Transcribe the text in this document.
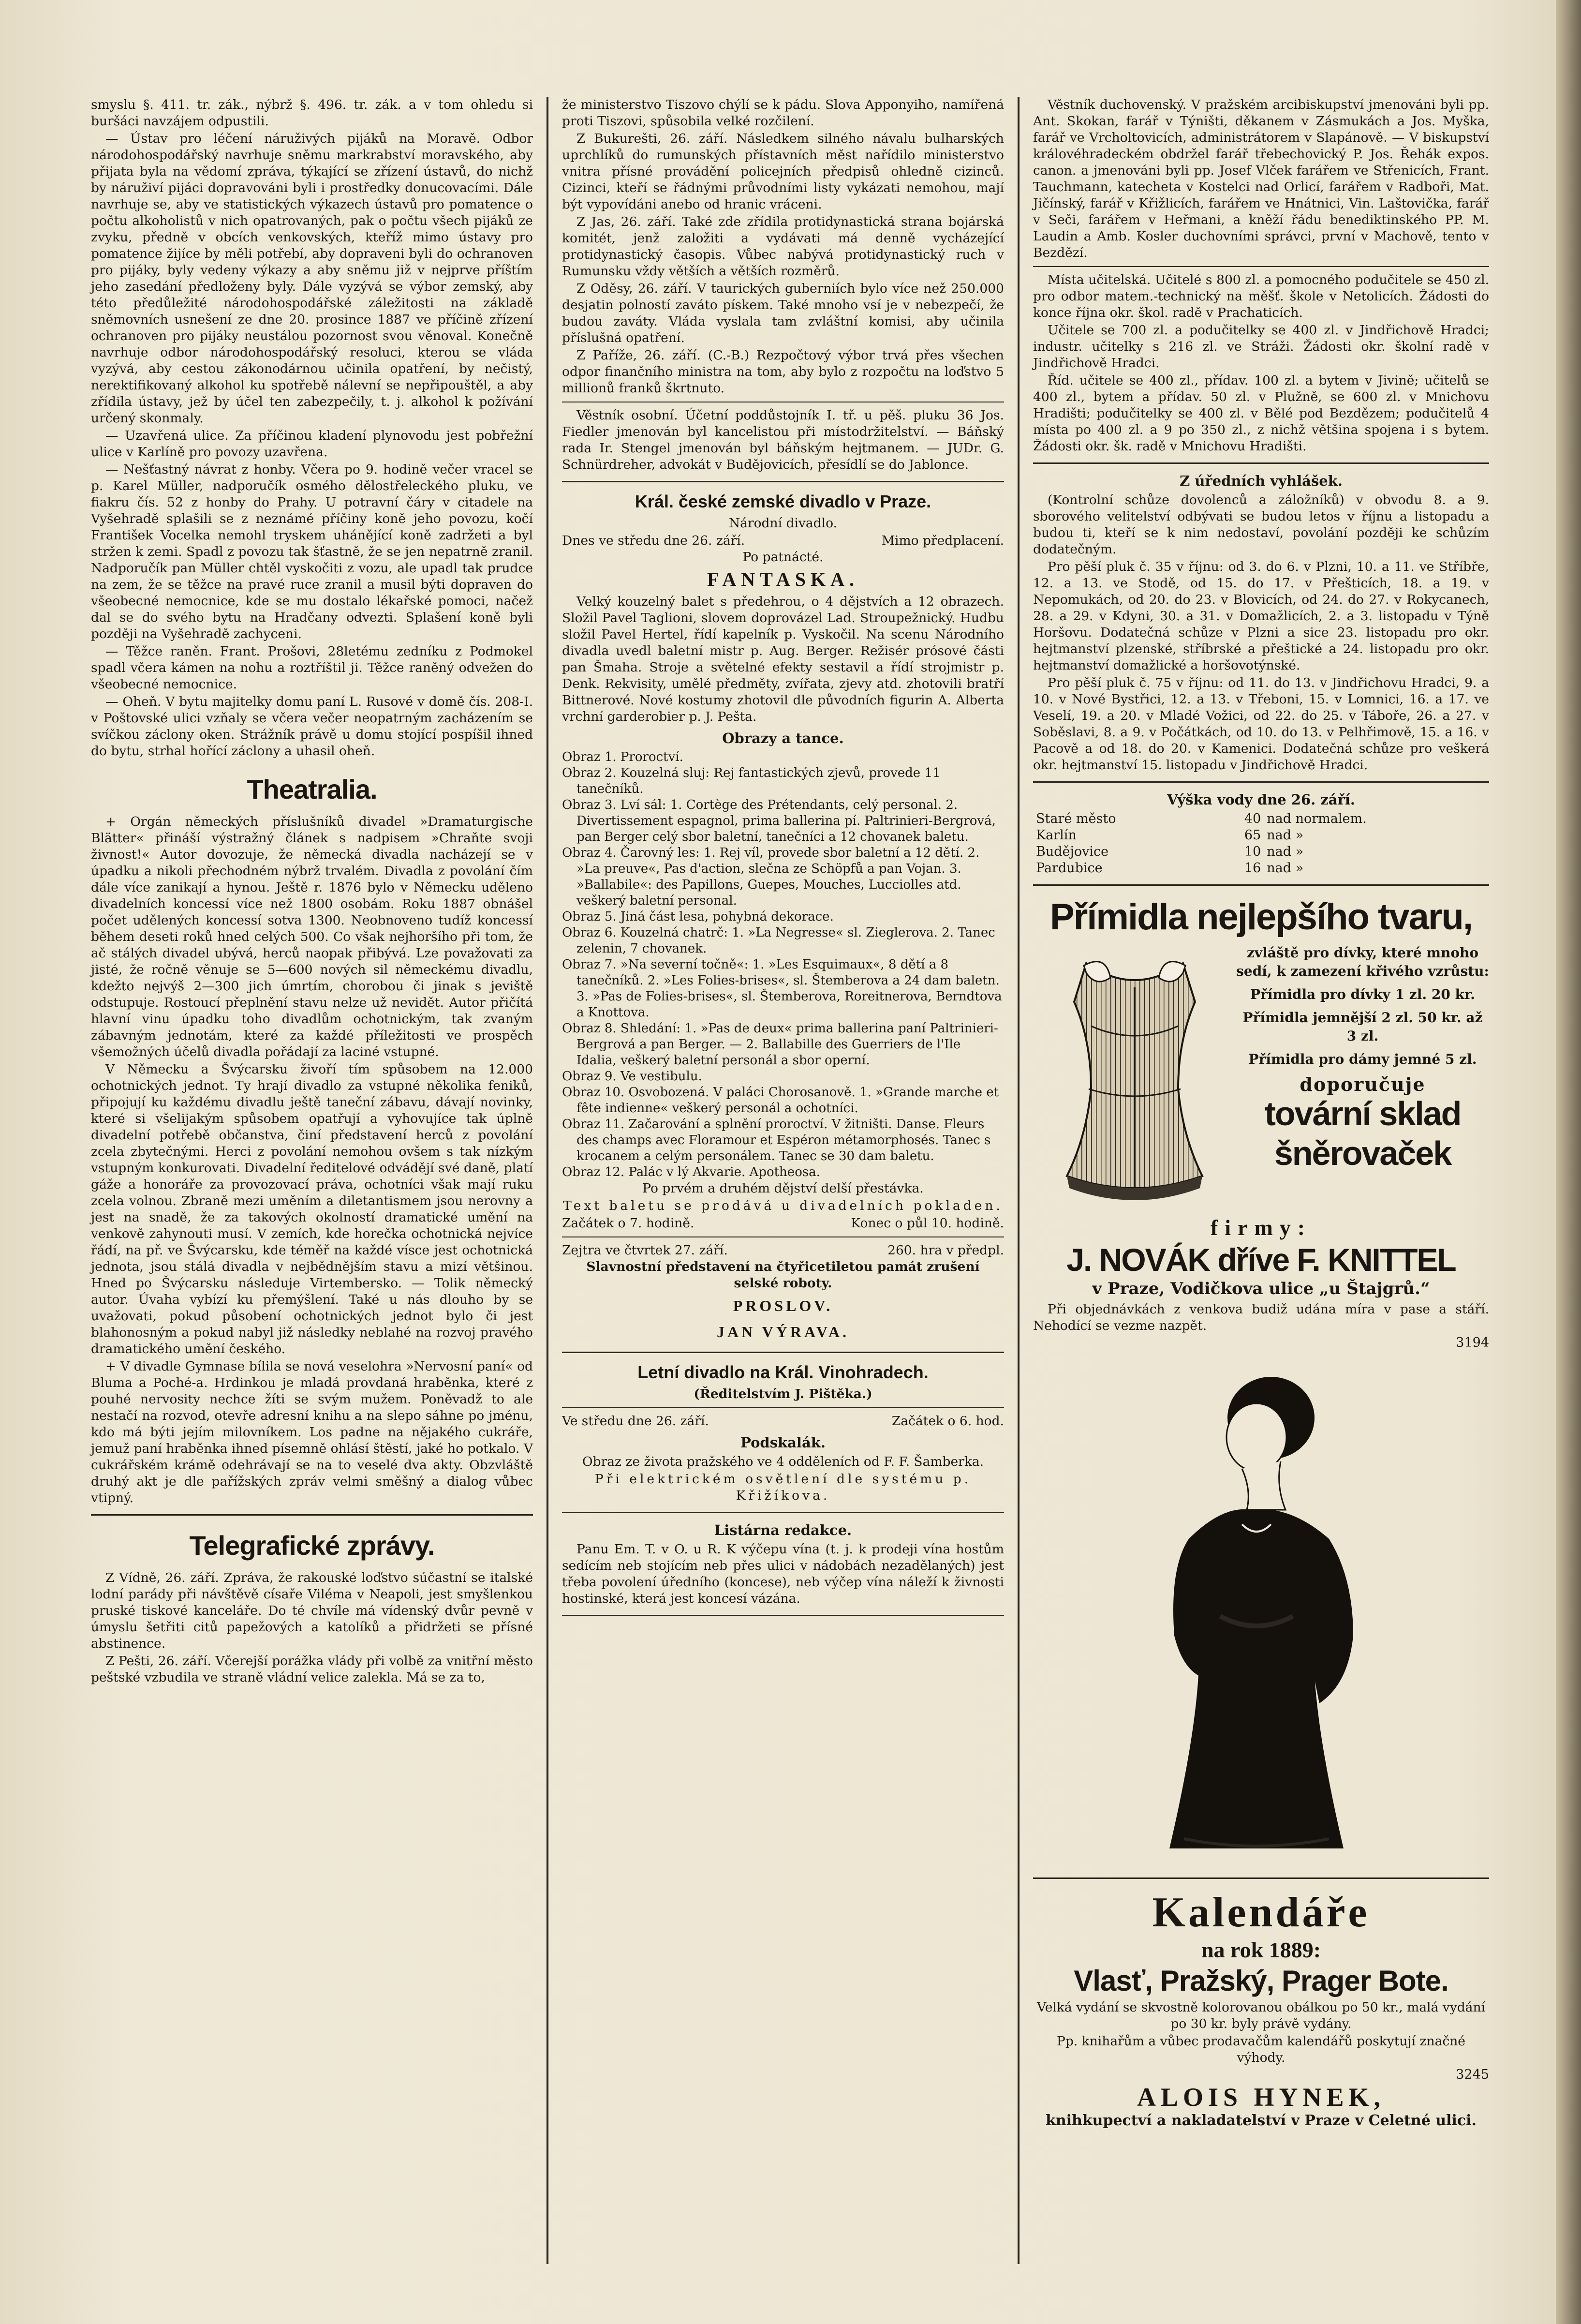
smyslu §. 411. tr. zák., nýbrž §. 496. tr. zák. a v tom ohledu si buršáci navzájem odpustili.

— Ústav pro léčení náruživých pijáků na Moravě. Odbor národohospodářský navrhuje sněmu markrabství moravského, aby přijata byla na vědomí zpráva, týkající se zřízení ústavů, do nichž by náruživí pijáci dopravováni byli i prostředky donucovacími. Dále navrhuje se, aby ve statistických výkazech ústavů pro pomatence o počtu alkoholistů v nich opatrovaných, pak o počtu všech pijáků ze zvyku, předně v obcích venkovských, kteříž mimo ústavy pro pomatence žijíce by měli potřebí, aby dopraveni byli do ochranoven pro pijáky, byly vedeny výkazy a aby sněmu již v nejprve příštím jeho zasedání předloženy byly. Dále vyzývá se výbor zemský, aby této předůležité národohospodářské záležitosti na základě sněmovních usnešení ze dne 20. prosince 1887 ve příčině zřízení ochranoven pro pijáky neustálou pozornost svou věnoval. Konečně navrhuje odbor národohospodářský resoluci, kterou se vláda vyzývá, aby cestou zákonodárnou učinila opatření, by nečistý, nerektifikovaný alkohol ku spotřebě nálevní se nepřipouštěl, a aby zřídila ústavy, jež by účel ten zabezpečily, t. j. alkohol k požívání určený skonmaly.

— Uzavřená ulice. Za příčinou kladení plynovodu jest pobřežní ulice v Karlíně pro povozy uzavřena.

— Nešťastný návrat z honby. Včera po 9. hodině večer vracel se p. Karel Müller, nadporučík osmého dělostřeleckého pluku, ve fiakru čís. 52 z honby do Prahy. U potravní čáry v citadele na Vyšehradě splašili se z neznámé příčiny koně jeho povozu, kočí František Vocelka nemohl tryskem uhánějící koně zadržeti a byl stržen k zemi. Spadl z povozu tak šťastně, že se jen nepatrně zranil. Nadporučík pan Müller chtěl vyskočiti z vozu, ale upadl tak prudce na zem, že se těžce na pravé ruce zranil a musil býti dopraven do všeobecné nemocnice, kde se mu dostalo lékařské pomoci, načež dal se do svého bytu na Hradčany odvezti. Splašení koně byli později na Vyšehradě zachyceni.

— Těžce raněn. Frant. Prošovi, 28letému zedníku z Podmokel spadl včera kámen na nohu a roztříštil ji. Těžce raněný odvežen do všeobecné nemocnice.

— Oheň. V bytu majitelky domu paní L. Rusové v domě čís. 208-I. v Poštovské ulici vzňaly se včera večer neopatrným zacházením se svíčkou záclony oken. Strážník právě u domu stojící pospíšil ihned do bytu, strhal hořící záclony a uhasil oheň.

Theatralia.

+ Orgán německých příslušníků divadel »Dramaturgische Blätter« přináší výstražný článek s nadpisem »Chraňte svoji živnost!« Autor dovozuje, že německá divadla nacházejí se v úpadku a nikoli přechodném nýbrž trvalém. Divadla z povolání čím dále více zanikají a hynou. Ještě r. 1876 bylo v Německu uděleno divadelních koncessí více než 1800 osobám. Roku 1887 obnášel počet udělených koncessí sotva 1300. Neobnoveno tudíž koncessí během deseti roků hned celých 500. Co však nejhoršího při tom, že ač stálých divadel ubývá, herců naopak přibývá. Lze považovati za jisté, že ročně věnuje se 5—600 nových sil německému divadlu, kdežto nejvýš 2—300 jich úmrtím, chorobou či jinak s jeviště odstupuje. Rostoucí přeplnění stavu nelze už nevidět. Autor přičítá hlavní vinu úpadku toho divadlům ochotnickým, tak zvaným zábavným jednotám, které za každé příležitosti ve prospěch všemožných účelů divadla pořádají za laciné vstupné.

V Německu a Švýcarsku živoří tím spůsobem na 12.000 ochotnických jednot. Ty hrají divadlo za vstupné několika feniků, připojují ku každému divadlu ještě taneční zábavu, dávají novinky, které si všelijakým spůsobem opatřují a vyhovujíce tak úplně divadelní potřebě občanstva, činí představení herců z povolání zcela zbytečnými. Herci z povolání nemohou ovšem s tak nízkým vstupným konkurovati. Divadelní ředitelové odvádějí své daně, platí gáže a honoráře za provozovací práva, ochotníci však mají ruku zcela volnou. Zbraně mezi uměním a diletantismem jsou nerovny a jest na snadě, že za takových okolností dramatické umění na venkově zahynouti musí. V zemích, kde horečka ochotnická nejvíce řádí, na př. ve Švýcarsku, kde téměř na každé vísce jest ochotnická jednota, jsou stálá divadla v nejbědnějším stavu a mizí většinou. Hned po Švýcarsku následuje Virtembersko. — Tolik německý autor. Úvaha vybízí ku přemýšlení. Také u nás dlouho by se uvažovati, pokud působení ochotnických jednot bylo či jest blahonosným a pokud nabyl již následky neblahé na rozvoj pravého dramatického umění českého.

+ V divadle Gymnase bílila se nová veselohra »Nervosní paní« od Bluma a Poché-a. Hrdinkou je mladá provdaná hraběnka, které z pouhé nervosity nechce žíti se svým mužem. Poněvadž to ale nestačí na rozvod, otevře adresní knihu a na slepo sáhne po jménu, kdo má býti jejím milovníkem. Los padne na nějakého cukráře, jemuž paní hraběnka ihned písemně ohlásí štěstí, jaké ho potkalo. V cukrářském krámě odehrávají se na to veselé dva akty. Obzvláště druhý akt je dle pařížských zpráv velmi směšný a dialog vůbec vtipný.

Telegrafické zprávy.

Z Vídně, 26. září. Zpráva, že rakouské loďstvo súčastní se italské lodní parády při návštěvě císaře Viléma v Neapoli, jest smyšlenkou pruské tiskové kanceláře. Do té chvíle má vídenský dvůr pevně v úmyslu šetřiti citů papežových a katolíků a přidržeti se přísné abstinence.

Z Pešti, 26. září. Včerejší porážka vlády při volbě za vnitřní město peštské vzbudila ve straně vládní velice zalekla. Má se za to,

že ministerstvo Tiszovo chýlí se k pádu. Slova Apponyiho, namířená proti Tiszovi, spůsobila velké rozčilení.

Z Bukurešti, 26. září. Následkem silného návalu bulharských uprchlíků do rumunských přístavních měst nařídilo ministerstvo vnitra přísné provádění policejních předpisů ohledně cizinců. Cizinci, kteří se řádnými průvodními listy vykázati nemohou, mají být vypovídáni anebo od hranic vráceni.

Z Jas, 26. září. Také zde zřídila protidynastická strana bojárská komitét, jenž založiti a vydávati má denně vycházející protidynastický časopis. Vůbec nabývá protidynastický ruch v Rumunsku vždy větších a větších rozměrů.

Z Oděsy, 26. září. V taurických guberniích bylo více než 250.000 desjatin polností zaváto pískem. Také mnoho vsí je v nebezpečí, že budou zaváty. Vláda vyslala tam zvláštní komisi, aby učinila příslušná opatření.

Z Paříže, 26. září. (C.-B.) Rezpočtový výbor trvá přes všechen odpor finančního ministra na tom, aby bylo z rozpočtu na loďstvo 5 millionů franků škrtnuto.

Věstník osobní. Účetní poddůstojník I. tř. u pěš. pluku 36 Jos. Fiedler jmenován byl kancelistou při místodržitelství. — Báňský rada Ir. Stengel jmenován byl báňským hejtmanem. — JUDr. G. Schnürdreher, advokát v Budějovicích, přesídlí se do Jablonce.

Král. české zemské divadlo v Praze.

Národní divadlo.

Dnes ve středu dne 26. září.	Mimo předplacení.

Po patnácté.

FANTASKA.

Velký kouzelný balet s předehrou, o 4 dějstvích a 12 obrazech. Složil Pavel Taglioni, slovem doprovázel Lad. Stroupežnický. Hudbu složil Pavel Hertel, řídí kapelník p. Vyskočil. Na scenu Národního divadla uvedl baletní mistr p. Aug. Berger. Režisér prósové části pan Šmaha. Stroje a světelné efekty sestavil a řídí strojmistr p. Denk. Rekvisity, umělé předměty, zvířata, zjevy atd. zhotovili bratří Bittnerové. Nové kostumy zhotovil dle původních figurin A. Alberta vrchní garderobier p. J. Pešta.

Obrazy a tance.

Obraz 1. Proroctví.

Obraz 2. Kouzelná sluj: Rej fantastických zjevů, provede 11 tanečníků.

Obraz 3. Lví sál: 1. Cortège des Prétendants, celý personal. 2. Divertissement espagnol, prima ballerina pí. Paltrinieri-Bergrová, pan Berger celý sbor baletní, tanečníci a 12 chovanek baletu.

Obraz 4. Čarovný les: 1. Rej víl, provede sbor baletní a 12 dětí. 2. »La preuve«, Pas d'action, slečna ze Schöpfů a pan Vojan. 3. »Ballabile«: des Papillons, Guepes, Mouches, Lucciolles atd. veškerý baletní personal.

Obraz 5. Jiná část lesa, pohybná dekorace.

Obraz 6. Kouzelná chatrč: 1. »La Negresse« sl. Zieglerova. 2. Tanec zelenin, 7 chovanek.

Obraz 7. »Na severní točně«: 1. »Les Esquimaux«, 8 dětí a 8 tanečníků. 2. »Les Folies-brises«, sl. Štemberova a 24 dam baletn. 3. »Pas de Folies-brises«, sl. Štemberova, Roreitnerova, Berndtova a Knottova.

Obraz 8. Shledání: 1. »Pas de deux« prima ballerina paní Paltrinieri-Bergrová a pan Berger. — 2. Ballabille des Guerriers de l'Ile Idalia, veškerý baletní personál a sbor operní.

Obraz 9. Ve vestibulu.

Obraz 10. Osvobozená. V paláci Chorosanově. 1. »Grande marche et fête indienne« veškerý personál a ochotníci.

Obraz 11. Začarování a splnění proroctví. V žitništi. Danse. Fleurs des champs avec Floramour et Espéron métamorphosés. Tanec s krocanem a celým personálem. Tanec se 30 dam baletu.

Obraz 12. Palác v lý Akvarie. Apotheosa.

Po prvém a druhém dějství delší přestávka.

Text baletu se prodává u divadelních pokladen.

Začátek o 7. hodině.	Konec o půl 10. hodině.
Zejtra ve čtvrtek 27. září.	260. hra v předpl.

Slavnostní představení na čtyřicetiletou památ zrušení selské roboty.

PROSLOV.
JAN VÝRAVA.
Letní divadlo na Král. Vinohradech.

(Ředitelstvím J. Pištěka.)

Ve středu dne 26. září.	Začátek o 6. hod.
Podskalák.

Obraz ze života pražského ve 4 odděleních od F. F. Šamberka.

Při elektrickém osvětlení dle systému p. Křižíkova.

Listárna redakce.

Panu Em. T. v O. u R. K výčepu vína (t. j. k prodeji vína hostům sedícím neb stojícím neb přes ulici v nádobách nezadělaných) jest třeba povolení úředního (koncese), neb výčep vína náleží k živnosti hostinské, která jest koncesí vázána.

Věstník duchovenský. V pražském arcibiskupství jmenováni byli pp. Ant. Skokan, farář v Týništi, děkanem v Zásmukách a Jos. Myška, farář ve Vrcholtovicích, administrátorem v Slapánově. — V biskupství královéhradeckém obdržel farář třebechovický P. Jos. Řehák expos. canon. a jmenováni byli pp. Josef Vlček farářem ve Střenicích, Frant. Tauchmann, katecheta v Kostelci nad Orlicí, farářem v Radboři, Mat. Jičínský, farář v Křižlicích, farářem ve Hnátnici, Vin. Laštovička, farář v Seči, farářem v Heřmani, a kněží řádu benediktinského PP. M. Laudin a Amb. Kosler duchovními správci, první v Machově, tento v Bezdězí.

Místa učitelská. Učitelé s 800 zl. a pomocného podučitele se 450 zl. pro odbor matem.-technický na měšť. škole v Netolicích. Žádosti do konce října okr. škol. radě v Prachaticích.

Učitele se 700 zl. a podučitelky se 400 zl. v Jindřichově Hradci; industr. učitelky s 216 zl. ve Stráži. Žádosti okr. školní radě v Jindřichově Hradci.

Říd. učitele se 400 zl., přídav. 100 zl. a bytem v Jivině; učitelů se 400 zl., bytem a přídav. 50 zl. v Plužně, se 600 zl. v Mnichovu Hradišti; podučitelky se 400 zl. v Bělé pod Bezdězem; podučitelů 4 místa po 400 zl. a 9 po 350 zl., z nichž většina spojena i s bytem. Žádosti okr. šk. radě v Mnichovu Hradišti.

Z úředních vyhlášek.

(Kontrolní schůze dovolenců a záložníků) v obvodu 8. a 9. sborového velitelství odbývati se budou letos v říjnu a listopadu a budou ti, kteří se k nim nedostaví, povolání později ke schůzím dodatečným.

Pro pěší pluk č. 35 v říjnu: od 3. do 6. v Plzni, 10. a 11. ve Stříbře, 12. a 13. ve Stodě, od 15. do 17. v Přešticích, 18. a 19. v Nepomukách, od 20. do 23. v Blovicích, od 24. do 27. v Rokycanech, 28. a 29. v Kdyni, 30. a 31. v Domažlicích, 2. a 3. listopadu v Týně Horšovu. Dodatečná schůze v Plzni a sice 23. listopadu pro okr. hejtmanství plzenské, stříbrské a přeštické a 24. listopadu pro okr. hejtmanství domažlické a horšovotýnské.

Pro pěší pluk č. 75 v říjnu: od 11. do 13. v Jindřichovu Hradci, 9. a 10. v Nové Bystřici, 12. a 13. v Třeboni, 15. v Lomnici, 16. a 17. ve Veselí, 19. a 20. v Mladé Vožici, od 22. do 25. v Táboře, 26. a 27. v Soběslavi, 8. a 9. v Počátkách, od 10. do 13. v Pelhřimově, 15. a 16. v Pacově a od 18. do 20. v Kamenici. Dodatečná schůze pro veškerá okr. hejtmanství 15. listopadu v Jindřichově Hradci.

Výška vody dne 26. září.
Staré město	40	nad normalem.
Karlín	65	nad »
Budějovice	10	nad »
Pardubice	16	nad »
Přímidla nejlepšího tvaru,
zvláště pro dívky, které mnoho sedí, k zamezení křivého vzrůstu:
Přímidla pro dívky 1 zl. 20 kr.
Přímidla jemnější 2 zl. 50 kr. až 3 zl.
Přímidla pro dámy jemné 5 zl.
doporučuje
tovární sklad
šněrovaček
firmy:
J. NOVÁK dříve F. KNITTEL
v Praze, Vodičkova ulice „u Štajgrů.“

Při objednávkách z venkova budiž udána míra v pase a stáří. Nehodící se vezme nazpět.

3194
Kalendáře
na rok 1889:
Vlasť, Pražský, Prager Bote.

Velká vydání se skvostně kolorovanou obálkou po 50 kr., malá vydání po 30 kr. byly právě vydány.

Pp. knihařům a vůbec prodavačům kalendářů poskytují značné výhody.

3245
ALOIS HYNEK,
knihkupectví a nakladatelství v Praze v Celetné ulici.
